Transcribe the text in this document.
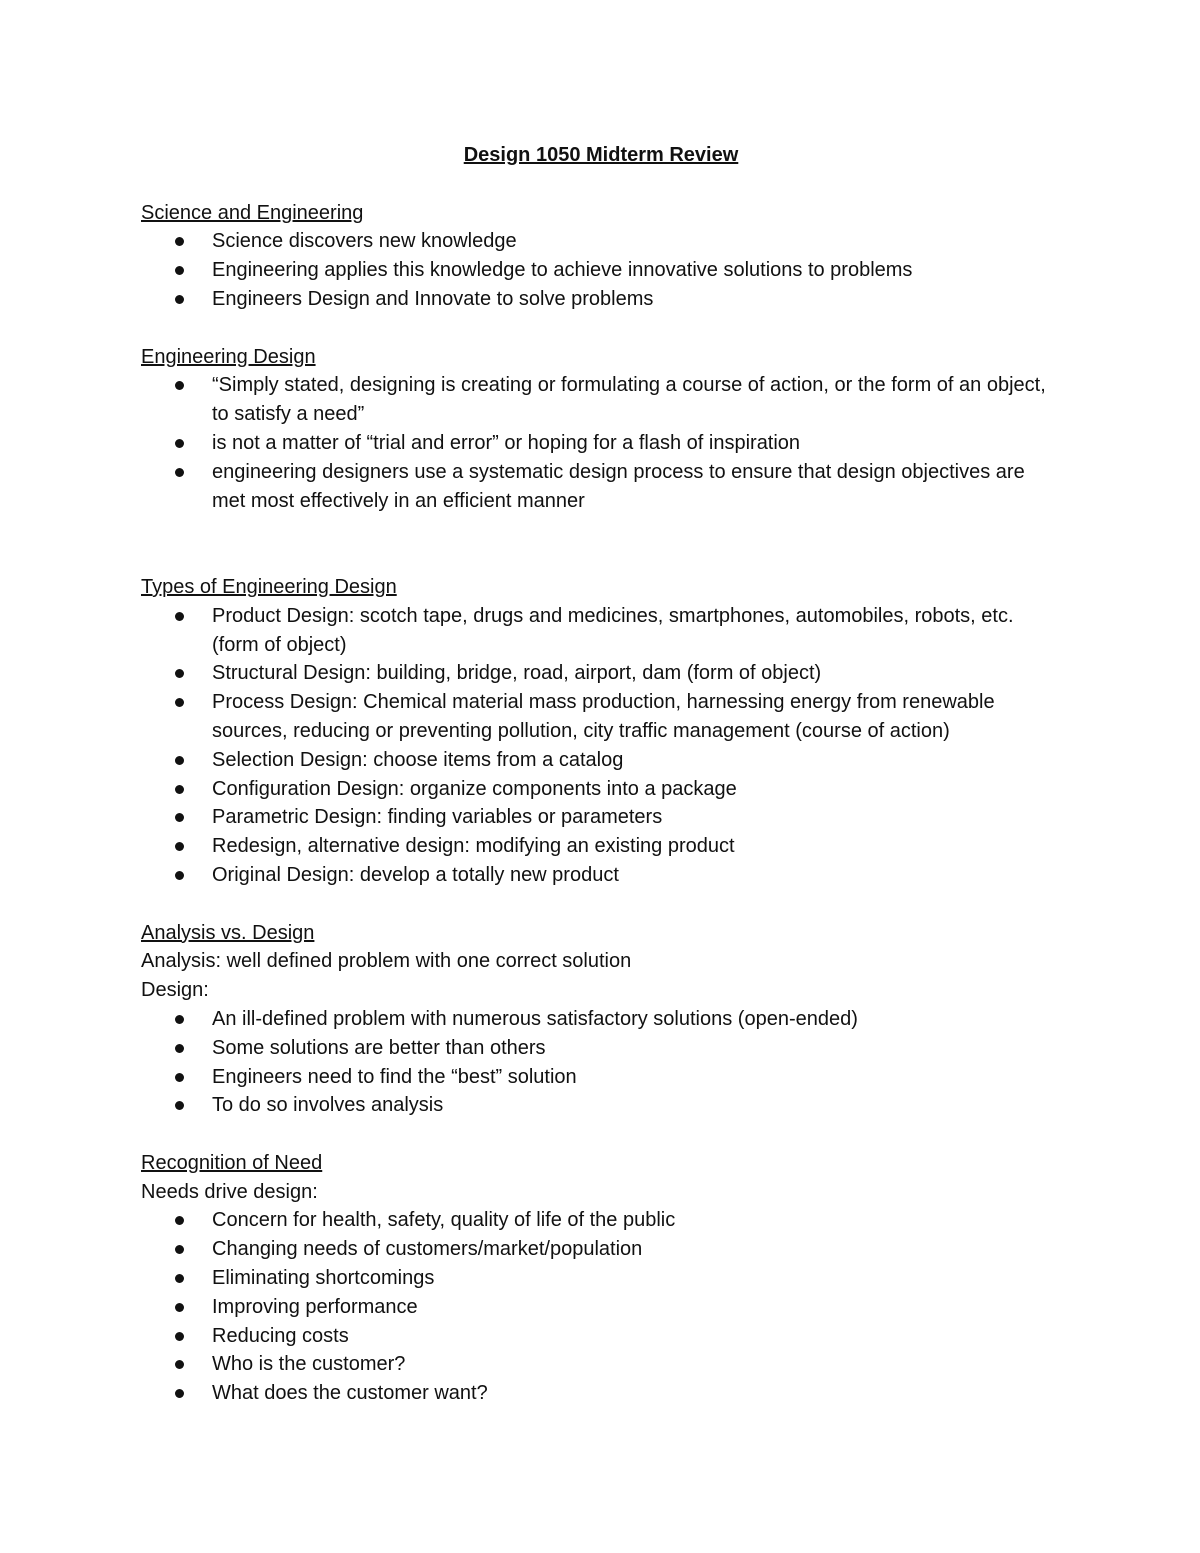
Design 1050 Midterm Review
Science and Engineering
Science discovers new knowledge
Engineering applies this knowledge to achieve innovative solutions to problems
Engineers Design and Innovate to solve problems
Engineering Design
“Simply stated, designing is creating or formulating a course of action, or the form of an object, to satisfy a need”
is not a matter of “trial and error” or hoping for a flash of inspiration
engineering designers use a systematic design process to ensure that design objectives are met most effectively in an efficient manner
Types of Engineering Design
Product Design: scotch tape, drugs and medicines, smartphones, automobiles, robots, etc. (form of object)
Structural Design: building, bridge, road, airport, dam (form of object)
Process Design: Chemical material mass production, harnessing energy from renewable sources, reducing or preventing pollution, city traffic management (course of action)
Selection Design: choose items from a catalog
Configuration Design: organize components into a package
Parametric Design: finding variables or parameters
Redesign, alternative design: modifying an existing product
Original Design: develop a totally new product
Analysis vs. Design
Analysis: well defined problem with one correct solution
Design:
An ill-defined problem with numerous satisfactory solutions (open-ended)
Some solutions are better than others
Engineers need to find the “best” solution
To do so involves analysis
Recognition of Need
Needs drive design:
Concern for health, safety, quality of life of the public
Changing needs of customers/market/population
Eliminating shortcomings
Improving performance
Reducing costs
Who is the customer?
What does the customer want?
